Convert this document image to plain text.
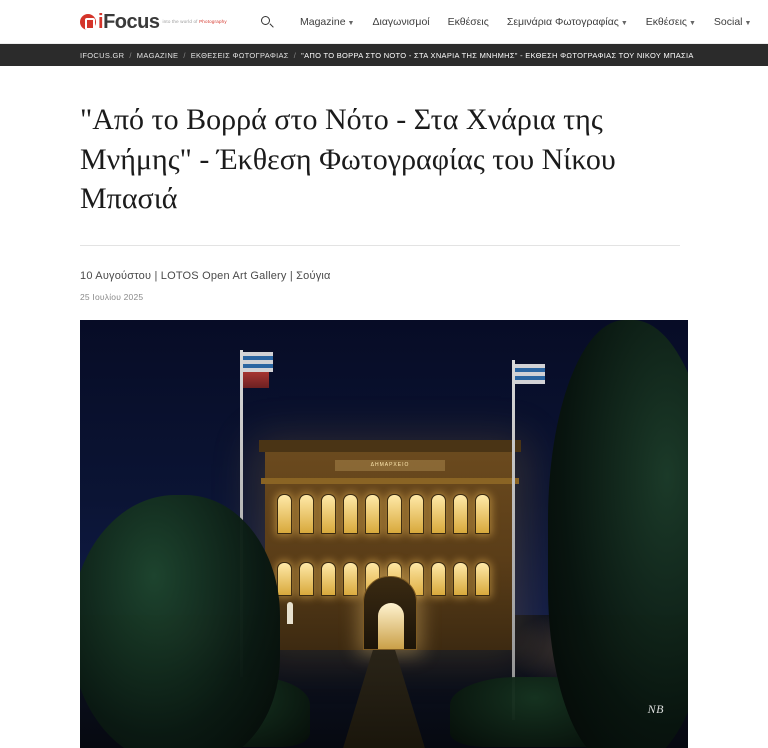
iFocus into the world of Photography	Magazine ▼ Διαγωνισμοί Εκθέσεις Σεμινάρια Φωτογραφίας ▼ Εκθέσεις ▼ Social ▼
IFOCUS.GR / MAGAZINE / ΕΚΘΕΣΕΙΣ ΦΩΤΟΓΡΑΦΙΑΣ / "ΑΠΟ ΤΟ ΒΟΡΡΑ ΣΤΟ ΝΟΤΟ - ΣΤΑ ΧΝΑΡΙΑ ΤΗΣ ΜΝΗΜΗΣ" - ΕΚΘΕΣΗ ΦΩΤΟΓΡΑΦΙΑΣ ΤΟΥ ΝΙΚΟΥ ΜΠΑΣΙΑ
"Από το Βορρά στο Νότο - Στα Χνάρια της Μνήμης" - Έκθεση Φωτογραφίας του Νίκου Μπασιά
10 Αυγούστου | LOTOS Open Art Gallery | Σούγια
25 Ιουλίου 2025
ΔΗΜΑΡΧΕΙΟ
ΝΒ
